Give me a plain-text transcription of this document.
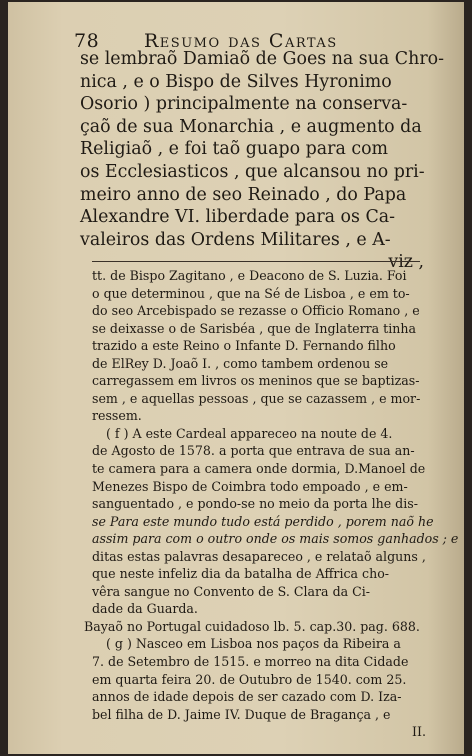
78 Resumo das Cartas
se lembraõ Damiaõ de Goes na sua Chro-
nica , e o Bispo de Silves Hyronimo
Osorio ) principalmente na conserva-
çaõ de sua Monarchia , e augmento da
Religiaõ , e foi taõ guapo para com
os Ecclesiasticos , que alcansou no pri-
meiro anno de seo Reinado , do Papa
Alexandre VI. liberdade para os Ca-
valeiros das Ordens Militares , e A-
viz ,
tt. de Bispo Zagitano , e Deacono de S. Luzia. Foi
o que determinou , que na Sé de Lisboa , e em to-
do seo Arcebispado se rezasse o Officio Romano , e
se deixasse o de Sarisbéa , que de Inglaterra tinha
trazido a este Reino o Infante D. Fernando filho
de ElRey D. Joaõ I. , como tambem ordenou se
carregassem em livros os meninos que se baptizas-
sem , e aquellas pessoas , que se cazassem , e mor-
ressem.
( f ) A este Cardeal appareceo na noute de 4.
de Agosto de 1578. a porta que entrava de sua an-
te camera para a camera onde dormia, D.Manoel de
Menezes Bispo de Coimbra todo empoado , e em-
sanguentado , e pondo-se no meio da porta lhe dis-
se Para este mundo tudo está perdido , porem naõ he
assim para com o outro onde os mais somos ganhados ; e
ditas estas palavras desapareceo , e relataõ alguns ,
que neste infeliz dia da batalha de Affrica cho-
vêra sangue no Convento de S. Clara da Ci-
dade da Guarda.
Bayaõ no Portugal cuidadoso lb. 5. cap.30. pag. 688.
( g ) Nasceo em Lisboa nos paços da Ribeira a
7. de Setembro de 1515. e morreo na dita Cidade
em quarta feira 20. de Outubro de 1540. com 25.
annos de idade depois de ser cazado com D. Iza-
bel filha de D. Jaime IV. Duque de Bragança , e
II.
